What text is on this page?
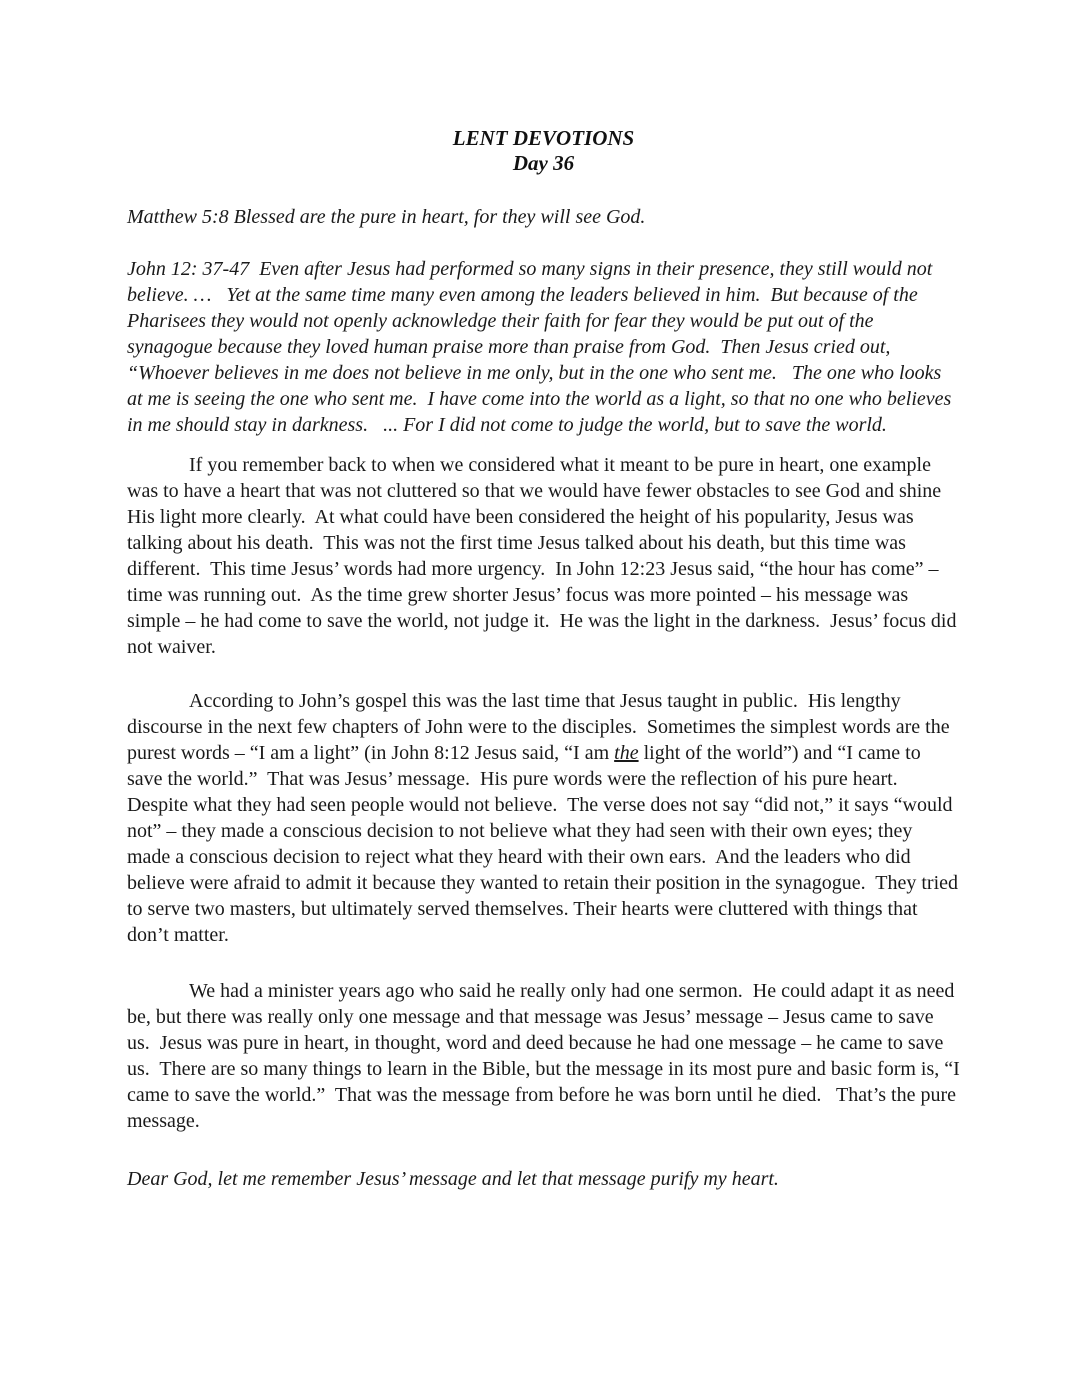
LENT DEVOTIONS
Day 36

Matthew 5:8 Blessed are the pure in heart, for they will see God.

John 12: 37-47  Even after Jesus had performed so many signs in their presence, they still would not believe. …   Yet at the same time many even among the leaders believed in him.  But because of the Pharisees they would not openly acknowledge their faith for fear they would be put out of the synagogue because they loved human praise more than praise from God.  Then Jesus cried out, “Whoever believes in me does not believe in me only, but in the one who sent me.   The one who looks at me is seeing the one who sent me.  I have come into the world as a light, so that no one who believes in me should stay in darkness.   ... For I did not come to judge the world, but to save the world.

If you remember back to when we considered what it meant to be pure in heart, one example was to have a heart that was not cluttered so that we would have fewer obstacles to see God and shine His light more clearly.  At what could have been considered the height of his popularity, Jesus was talking about his death.  This was not the first time Jesus talked about his death, but this time was different.  This time Jesus’ words had more urgency.  In John 12:23 Jesus said, “the hour has come” – time was running out.  As the time grew shorter Jesus’ focus was more pointed – his message was simple – he had come to save the world, not judge it.  He was the light in the darkness.  Jesus’ focus did not waiver.

According to John’s gospel this was the last time that Jesus taught in public.  His lengthy discourse in the next few chapters of John were to the disciples.  Sometimes the simplest words are the purest words – “I am a light” (in John 8:12 Jesus said, “I am the light of the world”) and “I came to save the world.”  That was Jesus’ message.  His pure words were the reflection of his pure heart.  Despite what they had seen people would not believe.  The verse does not say “did not,” it says “would not” – they made a conscious decision to not believe what they had seen with their own eyes; they made a conscious decision to reject what they heard with their own ears.  And the leaders who did believe were afraid to admit it because they wanted to retain their position in the synagogue.  They tried to serve two masters, but ultimately served themselves. Their hearts were cluttered with things that don’t matter.

We had a minister years ago who said he really only had one sermon.  He could adapt it as need be, but there was really only one message and that message was Jesus’ message – Jesus came to save us.  Jesus was pure in heart, in thought, word and deed because he had one message – he came to save us.  There are so many things to learn in the Bible, but the message in its most pure and basic form is, “I came to save the world.”  That was the message from before he was born until he died.   That’s the pure message.

Dear God, let me remember Jesus’ message and let that message purify my heart.
